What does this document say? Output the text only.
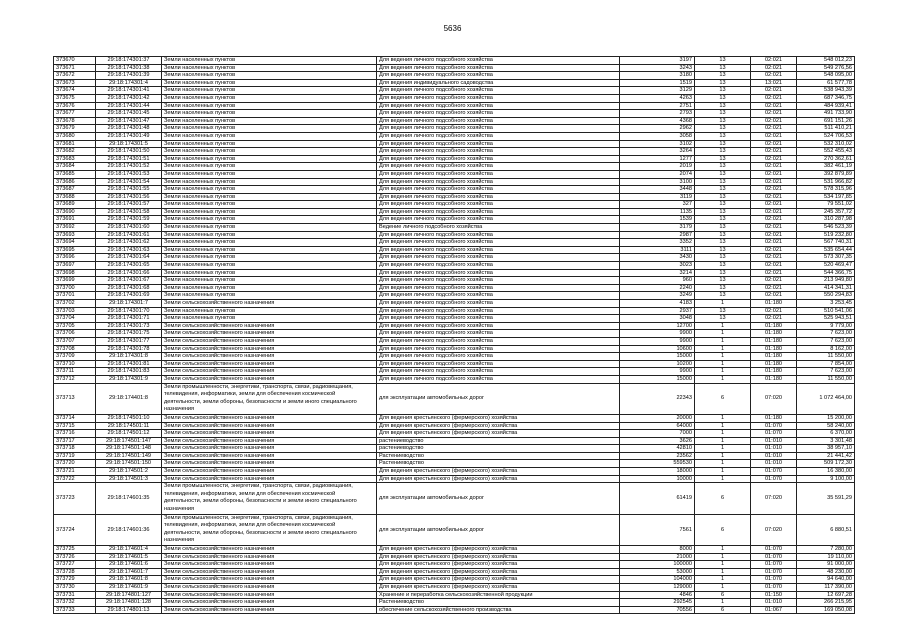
5636
373670	29:18:174301:37	Земли населенных пунктов	Для ведения личного подсобного хозяйства	3197	13	02:021	548 012,23
373671	29:18:174301:38	Земли населенных пунктов	Для ведения личного подсобного хозяйства	3243	13	02:021	549 276,56
373672	29:18:174301:39	Земли населенных пунктов	Для ведения личного подсобного хозяйства	3180	13	02:021	548 095,00
373673	29:18:174301:4	Земли населенных пунктов	Для ведения индивидуального садоводства	1519	13	13:021	61 577,78
373674	29:18:174301:41	Земли населенных пунктов	Для ведения личного подсобного хозяйства	3129	13	02:021	538 943,39
373675	29:18:174301:42	Земли населенных пунктов	Для ведения личного подсобного хозяйства	4263	13	02:021	687 346,75
373676	29:18:174301:44	Земли населенных пунктов	Для ведения личного подсобного хозяйства	2751	13	02:021	484 939,41
373677	29:18:174301:45	Земли населенных пунктов	Для ведения личного подсобного хозяйства	2793	13	02:021	491 733,90
373678	29:18:174301:47	Земли населенных пунктов	Для ведения личного подсобного хозяйства	4368	13	02:021	691 151,26
373679	29:18:174301:48	Земли населенных пунктов	Для ведения личного подсобного хозяйства	2962	13	02:021	511 410,21
373680	29:18:174301:49	Земли населенных пунктов	Для ведения личного подсобного хозяйства	3058	13	02:021	524 706,53
373681	29:18:174301:5	Земли населенных пунктов	Для ведения личного подсобного хозяйства	3102	13	02:021	532 310,02
373682	29:18:174301:50	Земли населенных пунктов	Для ведения личного подсобного хозяйства	3264	13	02:021	552 455,43
373683	29:18:174301:51	Земли населенных пунктов	Для ведения личного подсобного хозяйства	1277	13	02:021	270 362,61
373684	29:18:174301:52	Земли населенных пунктов	Для ведения личного подсобного хозяйства	2019	13	02:021	382 461,19
373685	29:18:174301:53	Земли населенных пунктов	Для ведения личного подсобного хозяйства	2074	13	02:021	392 879,89
373686	29:18:174301:54	Земли населенных пунктов	Для ведения личного подсобного хозяйства	3100	13	02:021	531 966,82
373687	29:18:174301:55	Земли населенных пунктов	Для ведения личного подсобного хозяйства	3448	13	02:021	578 315,96
373688	29:18:174301:56	Земли населенных пунктов	Для ведения личного подсобного хозяйства	3119	13	02:021	534 197,85
373689	29:18:174301:57	Земли населенных пунктов	Для ведения личного подсобного хозяйства	327	13	02:021	79 551,02
373690	29:18:174301:58	Земли населенных пунктов	Для ведения личного подсобного хозяйства	1135	13	02:021	245 357,72
373691	29:18:174301:59	Земли населенных пунктов	Для ведения личного подсобного хозяйства	1539	13	02:021	310 287,98
373692	29:18:174301:60	Земли населенных пунктов	Ведение личного подсобного хозяйства	3179	13	02:021	546 523,39
373693	29:18:174301:61	Земли населенных пунктов	Для ведения личного подсобного хозяйства	2987	13	02:021	519 232,80
373694	29:18:174301:62	Земли населенных пунктов	Для ведения личного подсобного хозяйства	3352	13	02:021	567 740,31
373695	29:18:174301:63	Земли населенных пунктов	Для ведения личного подсобного хозяйства	3111	13	02:021	535 654,44
373696	29:18:174301:64	Земли населенных пунктов	Для ведения личного подсобного хозяйства	3430	13	02:021	573 307,35
373697	29:18:174301:65	Земли населенных пунктов	Для ведения личного подсобного хозяйства	3023	13	02:021	520 469,47
373698	29:18:174301:66	Земли населенных пунктов	Для ведения личного подсобного хозяйства	3214	13	02:021	544 366,75
373699	29:18:174301:67	Земли населенных пунктов	Для ведения личного подсобного хозяйства	960	13	02:021	213 949,80
373700	29:18:174301:68	Земли населенных пунктов	Для ведения личного подсобного хозяйства	2240	13	02:021	414 341,31
373701	29:18:174301:69	Земли населенных пунктов	Для ведения личного подсобного хозяйства	3249	13	02:021	550 294,83
373702	29:18:174301:7	Земли сельскохозяйственного назначения	Для ведения личного подсобного хозяйства	4183	1	01:180	3 253,45
373703	29:18:174301:70	Земли населенных пунктов	Для ведения личного подсобного хозяйства	2937	13	02:021	510 541,06
373704	29:18:174301:71	Земли населенных пунктов	Для ведения личного подсобного хозяйства	3048	13	02:021	525 943,51
373705	29:18:174301:73	Земли сельскохозяйственного назначения	Для ведения личного подсобного хозяйства	12700	1	01:180	9 779,00
373706	29:18:174301:75	Земли сельскохозяйственного назначения	Для ведения личного подсобного хозяйства	9900	1	01:180	7 623,00
373707	29:18:174301:77	Земли сельскохозяйственного назначения	Для ведения личного подсобного хозяйства	9900	1	01:180	7 623,00
373708	29:18:174301:78	Земли сельскохозяйственного назначения	Для ведения личного подсобного хозяйства	10600	1	01:180	8 162,00
373709	29:18:174301:8	Земли сельскохозяйственного назначения	Для ведения личного подсобного хозяйства	15000	1	01:180	11 550,00
373710	29:18:174301:81	Земли сельскохозяйственного назначения	Для ведения личного подсобного хозяйства	10200	1	01:180	7 854,00
373711	29:18:174301:83	Земли сельскохозяйственного назначения	Для ведения личного подсобного хозяйства	9900	1	01:180	7 623,00
373712	29:18:174301:9	Земли сельскохозяйственного назначения	Для ведения личного подсобного хозяйства	15000	1	01:180	11 550,00
373713	29:18:174401:8	Земли промышленности, энергетики, транспорта, связи, радиовещания, телевидения, информатики, земли для обеспечения космической деятельности, земли обороны, безопасности и земли иного специального назначения	для эксплуатации автомобильных дорог	22343	6	07:020	1 072 464,00
373714	29:18:174501:10	Земли сельскохозяйственного назначения	Для ведения крестьянского (фермерского) хозяйства	20000	1	01:180	15 200,00
373715	29:18:174501:11	Земли сельскохозяйственного назначения	Для ведения крестьянского (фермерского) хозяйства	64000	1	01:070	58 240,00
373716	29:18:174501:12	Земли сельскохозяйственного назначения	Для ведения крестьянского (фермерского) хозяйства	7000	1	01:070	6 370,00
373717	29:18:174501:147	Земли сельскохозяйственного назначения	растениеводство	3626	1	01:010	3 301,48
373718	29:18:174501:148	Земли сельскохозяйственного назначения	растениеводство	42810	1	01:010	38 957,10
373719	29:18:174501:149	Земли сельскохозяйственного назначения	Растениеводство	23562	1	01:010	21 441,42
373720	29:18:174501:150	Земли сельскохозяйственного назначения	Растениеводство	559530	1	01:010	509 172,30
373721	29:18:174501:2	Земли сельскохозяйственного назначения	Для ведения крестьянского (фермерского) хозяйства	18000	1	01:070	16 380,00
373722	29:18:174501:3	Земли сельскохозяйственного назначения	Для ведения крестьянского (фермерского) хозяйства	10000	1	01:070	9 100,00
373723	29:18:174601:35	Земли промышленности, энергетики, транспорта, связи, радиовещания, телевидения, информатики, земли для обеспечения космической деятельности, земли обороны, безопасности и земли иного специального назначения	для эксплуатации автомобильных дорог	61419	6	07:020	35 591,29
373724	29:18:174601:36	Земли промышленности, энергетики, транспорта, связи, радиовещания, телевидения, информатики, земли для обеспечения космической деятельности, земли обороны, безопасности и земли иного специального назначения	для эксплуатации автомобильных дорог	7561	6	07:020	6 880,51
373725	29:18:174601:4	Земли сельскохозяйственного назначения	Для ведения крестьянского (фермерского) хозяйства	8000	1	01:070	7 280,00
373726	29:18:174601:5	Земли сельскохозяйственного назначения	Для ведения крестьянского (фермерского) хозяйства	21000	1	01:070	19 110,00
373727	29:18:174601:6	Земли сельскохозяйственного назначения	Для ведения крестьянского (фермерского) хозяйства	100000	1	01:070	91 000,00
373728	29:18:174601:7	Земли сельскохозяйственного назначения	Для ведения крестьянского (фермерского) хозяйства	53000	1	01:070	48 230,00
373729	29:18:174601:8	Земли сельскохозяйственного назначения	Для ведения крестьянского (фермерского) хозяйства	104000	1	01:070	94 640,00
373730	29:18:174601:9	Земли сельскохозяйственного назначения	Для ведения крестьянского (фермерского) хозяйства	129000	1	01:070	117 390,00
373731	29:18:174801:127	Земли сельскохозяйственного назначения	Хранение и переработка сельскохозяйственной продукции	4846	6	01:150	12 697,28
373732	29:18:174801:128	Земли сельскохозяйственного назначения	Растениеводство	292545	1	01:010	266 215,95
373733	29:18:174801:13	Земли сельскохозяйственного назначения	обеспечение сельскохозяйственного производства	70556	6	01:067	169 050,08
